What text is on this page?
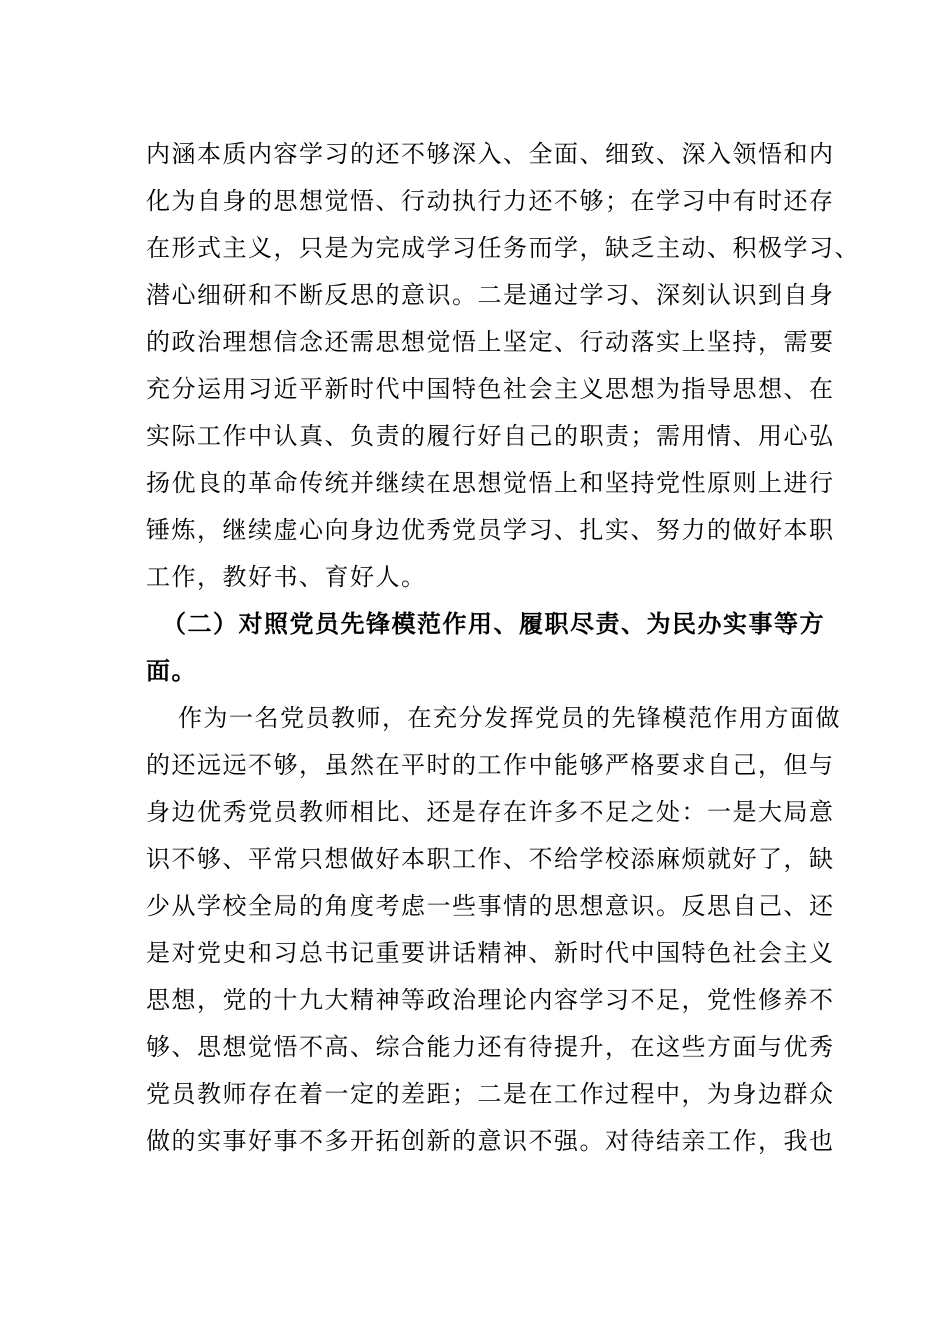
内涵本质内容学习的还不够深入、全面、细致、深入领悟和内
化为自身的思想觉悟、行动执行力还不够；在学习中有时还存
在形式主义，只是为完成学习任务而学，缺乏主动、积极学习、
潜心细研和不断反思的意识。二是通过学习、深刻认识到自身
的政治理想信念还需思想觉悟上坚定、行动落实上坚持，需要
充分运用习近平新时代中国特色社会主义思想为指导思想、在
实际工作中认真、负责的履行好自己的职责；需用情、用心弘
扬优良的革命传统并继续在思想觉悟上和坚持党性原则上进行
锤炼，继续虚心向身边优秀党员学习、扎实、努力的做好本职
工作，教好书、育好人。
（二）对照党员先锋模范作用、履职尽责、为民办实事等方
面。
作为一名党员教师，在充分发挥党员的先锋模范作用方面做
的还远远不够，虽然在平时的工作中能够严格要求自己，但与
身边优秀党员教师相比、还是存在许多不足之处：一是大局意
识不够、平常只想做好本职工作、不给学校添麻烦就好了，缺
少从学校全局的角度考虑一些事情的思想意识。反思自己、还
是对党史和习总书记重要讲话精神、新时代中国特色社会主义
思想，党的十九大精神等政治理论内容学习不足，党性修养不
够、思想觉悟不高、综合能力还有待提升，在这些方面与优秀
党员教师存在着一定的差距；二是在工作过程中，为身边群众
做的实事好事不多开拓创新的意识不强。对待结亲工作，我也
